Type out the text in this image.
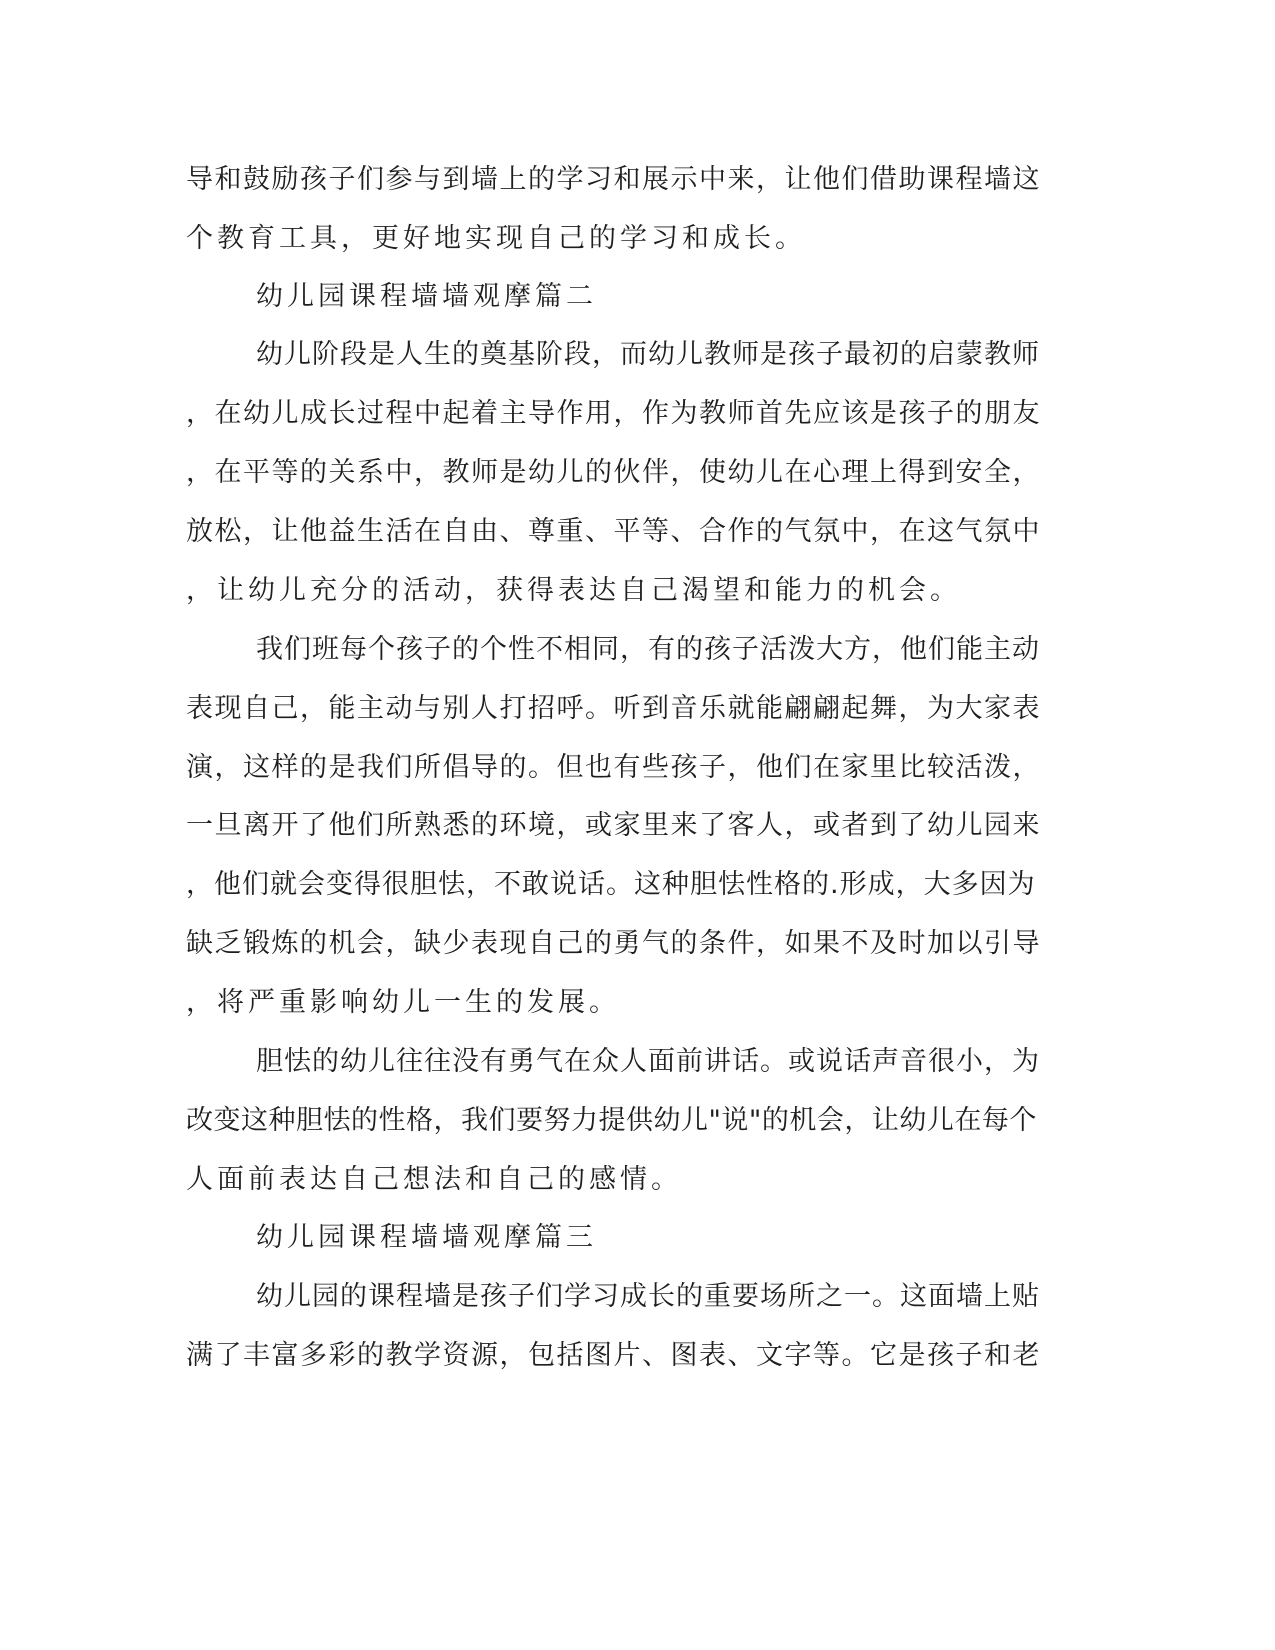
导和鼓励孩子们参与到墙上的学习和展示中来，让他们借助课程墙这
个教育工具，更好地实现自己的学习和成长。
幼儿园课程墙墙观摩篇二
幼儿阶段是人生的奠基阶段，而幼儿教师是孩子最初的启蒙教师
，在幼儿成长过程中起着主导作用，作为教师首先应该是孩子的朋友
，在平等的关系中，教师是幼儿的伙伴，使幼儿在心理上得到安全，
放松，让他益生活在自由、尊重、平等、合作的气氛中，在这气氛中
，让幼儿充分的活动，获得表达自己渴望和能力的机会。
我们班每个孩子的个性不相同，有的孩子活泼大方，他们能主动
表现自己，能主动与别人打招呼。听到音乐就能翩翩起舞，为大家表
演，这样的是我们所倡导的。但也有些孩子，他们在家里比较活泼，
一旦离开了他们所熟悉的环境，或家里来了客人，或者到了幼儿园来
，他们就会变得很胆怯，不敢说话。这种胆怯性格的.形成，大多因为
缺乏锻炼的机会，缺少表现自己的勇气的条件，如果不及时加以引导
，将严重影响幼儿一生的发展。
胆怯的幼儿往往没有勇气在众人面前讲话。或说话声音很小，为
改变这种胆怯的性格，我们要努力提供幼儿"说"的机会，让幼儿在每个
人面前表达自己想法和自己的感情。
幼儿园课程墙墙观摩篇三
幼儿园的课程墙是孩子们学习成长的重要场所之一。这面墙上贴
满了丰富多彩的教学资源，包括图片、图表、文字等。它是孩子和老
